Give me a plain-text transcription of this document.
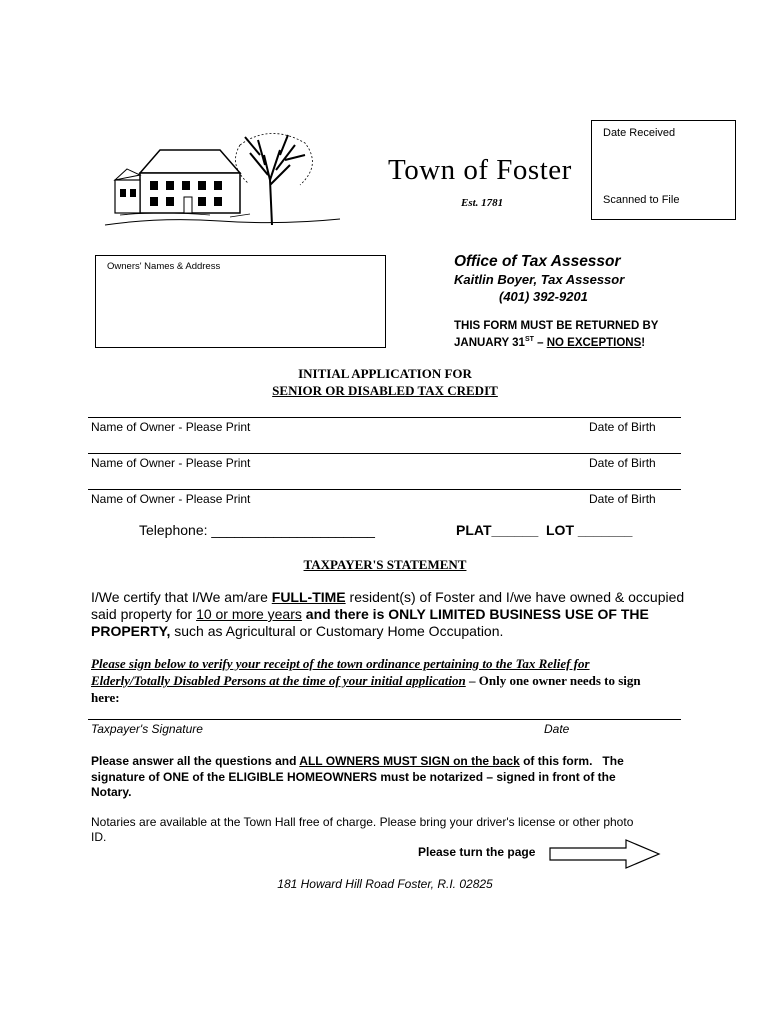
Town of Foster
Est. 1781
Date Received
Scanned to File
Owners' Names & Address	Office of Tax Assessor
Kaitlin Boyer, Tax Assessor
(401) 392-9201
THIS FORM MUST BE RETURNED BY
JANUARY 31ST – NO EXCEPTIONS!
INITIAL APPLICATION FOR
SENIOR OR DISABLED TAX CREDIT
Name of Owner - Please Print	Date of Birth
Name of Owner - Please Print	Date of Birth
Name of Owner - Please Print	Date of Birth
Telephone: _____________________	PLAT______  LOT _______
TAXPAYER'S STATEMENT
I/We certify that I/We am/are FULL-TIME resident(s) of Foster and I/we have owned & occupied
said property for 10 or more years and there is ONLY LIMITED BUSINESS USE OF THE
PROPERTY, such as Agricultural or Customary Home Occupation.
Please sign below to verify your receipt of the town ordinance pertaining to the Tax Relief for
Elderly/Totally Disabled Persons at the time of your initial application – Only one owner needs to sign
here:
Taxpayer's Signature	Date
Please answer all the questions and ALL OWNERS MUST SIGN on the back of this form.   The
signature of ONE of the ELIGIBLE HOMEOWNERS must be notarized – signed in front of the
Notary.
Notaries are available at the Town Hall free of charge. Please bring your driver's license or other photo
ID.
Please turn the page
181 Howard Hill Road Foster, R.I. 02825
